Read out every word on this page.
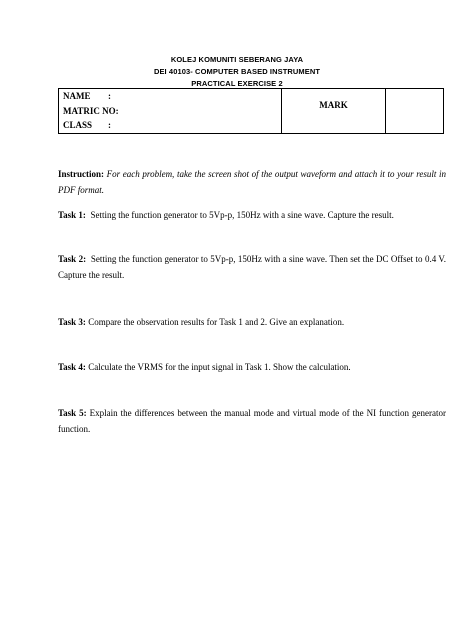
KOLEJ KOMUNITI SEBERANG JAYA
DEI 40103- COMPUTER BASED INSTRUMENT
PRACTICAL EXERCISE 2
NAME	:
MATRIC NO:
CLASS	:
	MARK	
Instruction: For each problem, take the screen shot of the output waveform and attach it to your result in PDF format.
Task 1: Setting the function generator to 5Vp-p, 150Hz with a sine wave. Capture the result.
Task 2: Setting the function generator to 5Vp-p, 150Hz with a sine wave. Then set the DC Offset to 0.4 V. Capture the result.
Task 3: Compare the observation results for Task 1 and 2. Give an explanation.
Task 4: Calculate the VRMS for the input signal in Task 1. Show the calculation.
Task 5: Explain the differences between the manual mode and virtual mode of the NI function generator function.
